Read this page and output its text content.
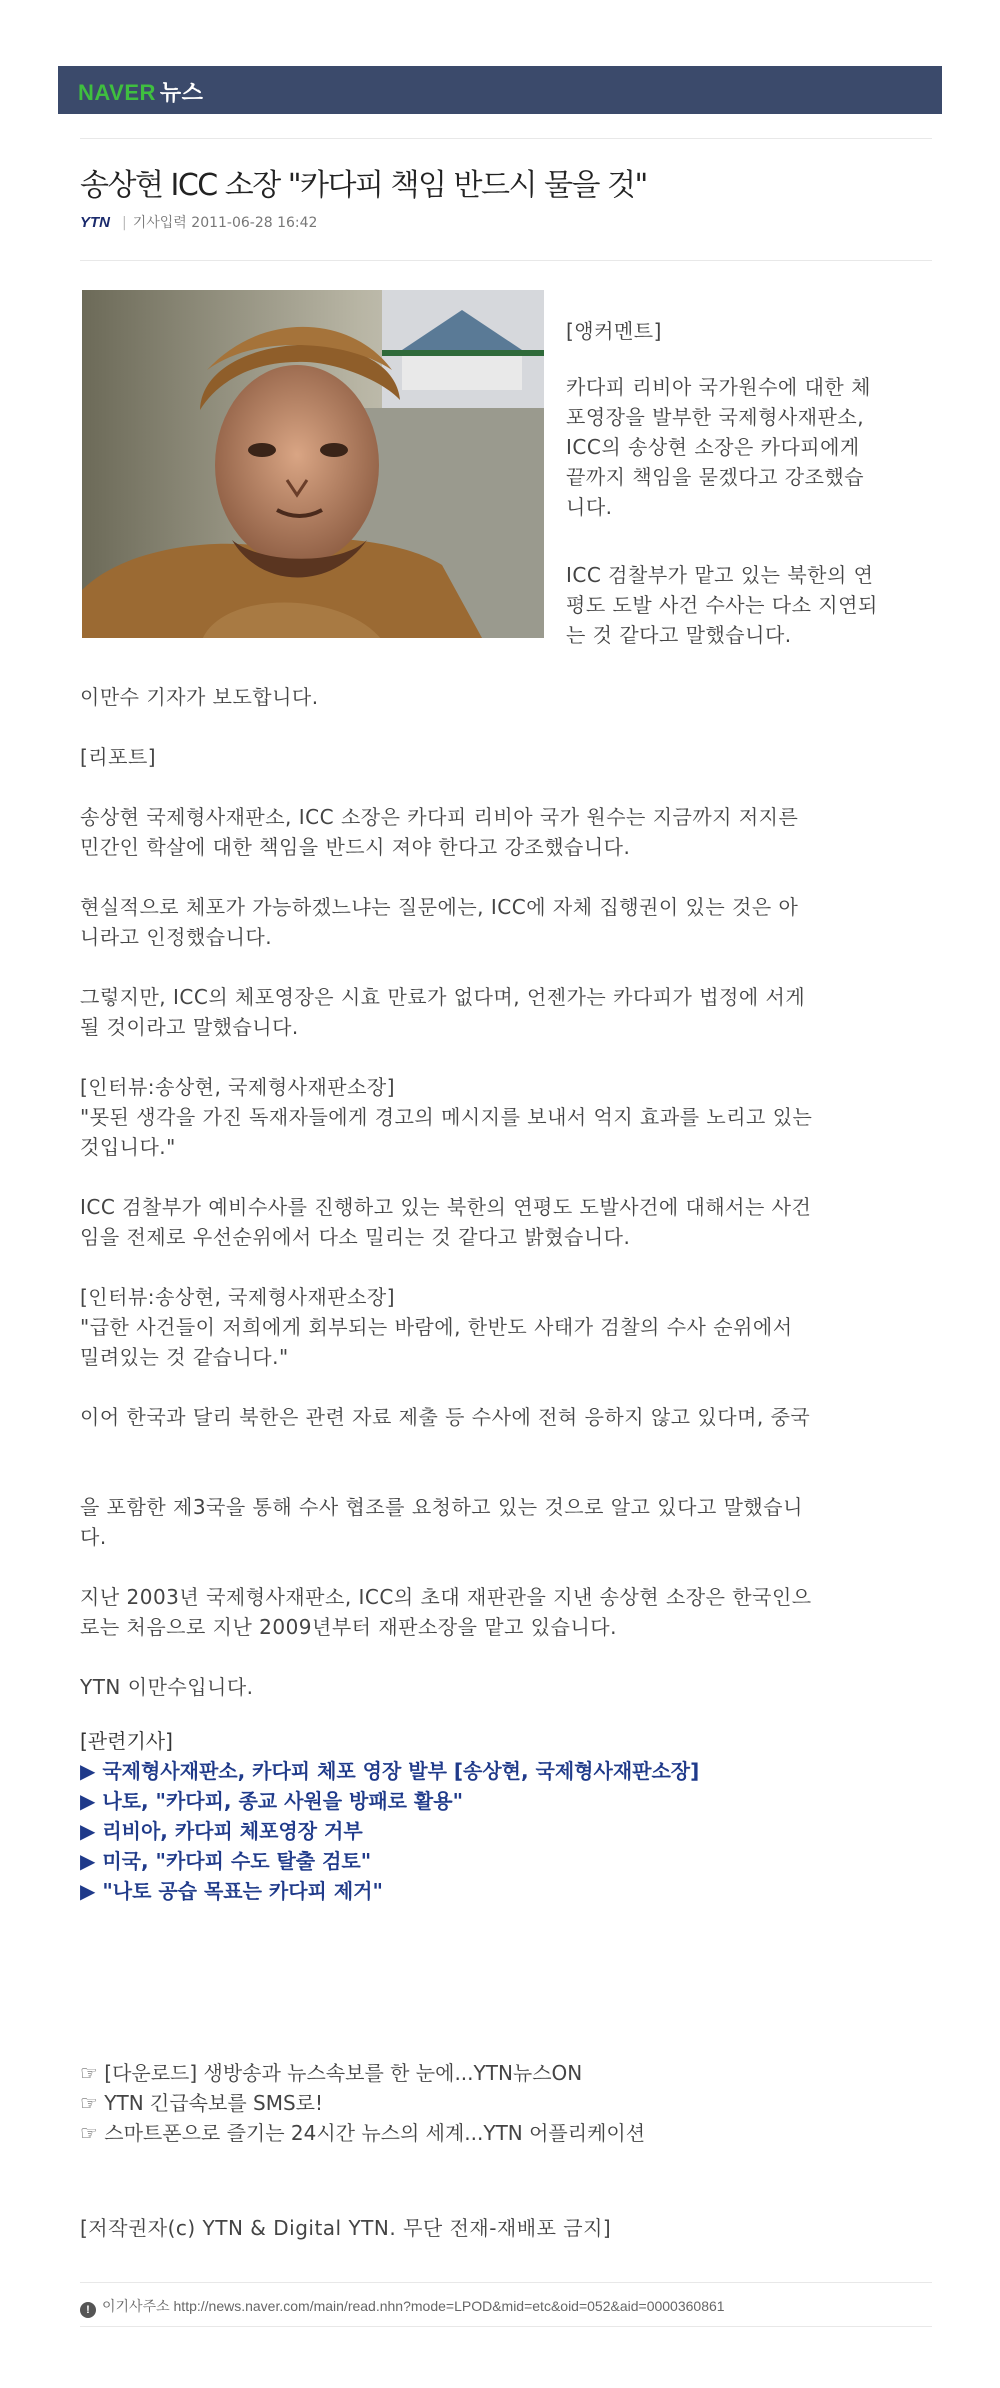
NAVER 뉴스
송상현 ICC 소장 "카다피 책임 반드시 물을 것"
YTN | 기사입력 2011-06-28 16:42
[앵커멘트]
카다피 리비아 국가원수에 대한 체
포영장을 발부한 국제형사재판소,
ICC의 송상현 소장은 카다피에게
끝까지 책임을 묻겠다고 강조했습
니다.
ICC 검찰부가 맡고 있는 북한의 연
평도 도발 사건 수사는 다소 지연되
는 것 같다고 말했습니다.
이만수 기자가 보도합니다.
[리포트]
송상현 국제형사재판소, ICC 소장은 카다피 리비아 국가 원수는 지금까지 저지른
민간인 학살에 대한 책임을 반드시 져야 한다고 강조했습니다.
현실적으로 체포가 가능하겠느냐는 질문에는, ICC에 자체 집행권이 있는 것은 아
니라고 인정했습니다.
그렇지만, ICC의 체포영장은 시효 만료가 없다며, 언젠가는 카다피가 법정에 서게
될 것이라고 말했습니다.
[인터뷰:송상현, 국제형사재판소장]
"못된 생각을 가진 독재자들에게 경고의 메시지를 보내서 억지 효과를 노리고 있는
것입니다."
ICC 검찰부가 예비수사를 진행하고 있는 북한의 연평도 도발사건에 대해서는 사건
임을 전제로 우선순위에서 다소 밀리는 것 같다고 밝혔습니다.
[인터뷰:송상현, 국제형사재판소장]
"급한 사건들이 저희에게 회부되는 바람에, 한반도 사태가 검찰의 수사 순위에서
밀려있는 것 같습니다."
이어 한국과 달리 북한은 관련 자료 제출 등 수사에 전혀 응하지 않고 있다며, 중국
을 포함한 제3국을 통해 수사 협조를 요청하고 있는 것으로 알고 있다고 말했습니
다.
지난 2003년 국제형사재판소, ICC의 초대 재판관을 지낸 송상현 소장은 한국인으
로는 처음으로 지난 2009년부터 재판소장을 맡고 있습니다.
YTN 이만수입니다.
[관련기사]
▶ 국제형사재판소, 카다피 체포 영장 발부 [송상현, 국제형사재판소장]
▶ 나토, "카다피, 종교 사원을 방패로 활용"
▶ 리비아, 카다피 체포영장 거부
▶ 미국, "카다피 수도 탈출 검토"
▶ "나토 공습 목표는 카다피 제거"
☞ [다운로드] 생방송과 뉴스속보를 한 눈에...YTN뉴스ON
☞ YTN 긴급속보를 SMS로!
☞ 스마트폰으로 즐기는 24시간 뉴스의 세계...YTN 어플리케이션
[저작권자(c) YTN & Digital YTN. 무단 전재-재배포 금지]
! 이기사주소 http://news.naver.com/main/read.nhn?mode=LPOD&mid=etc&oid=052&aid=0000360861
